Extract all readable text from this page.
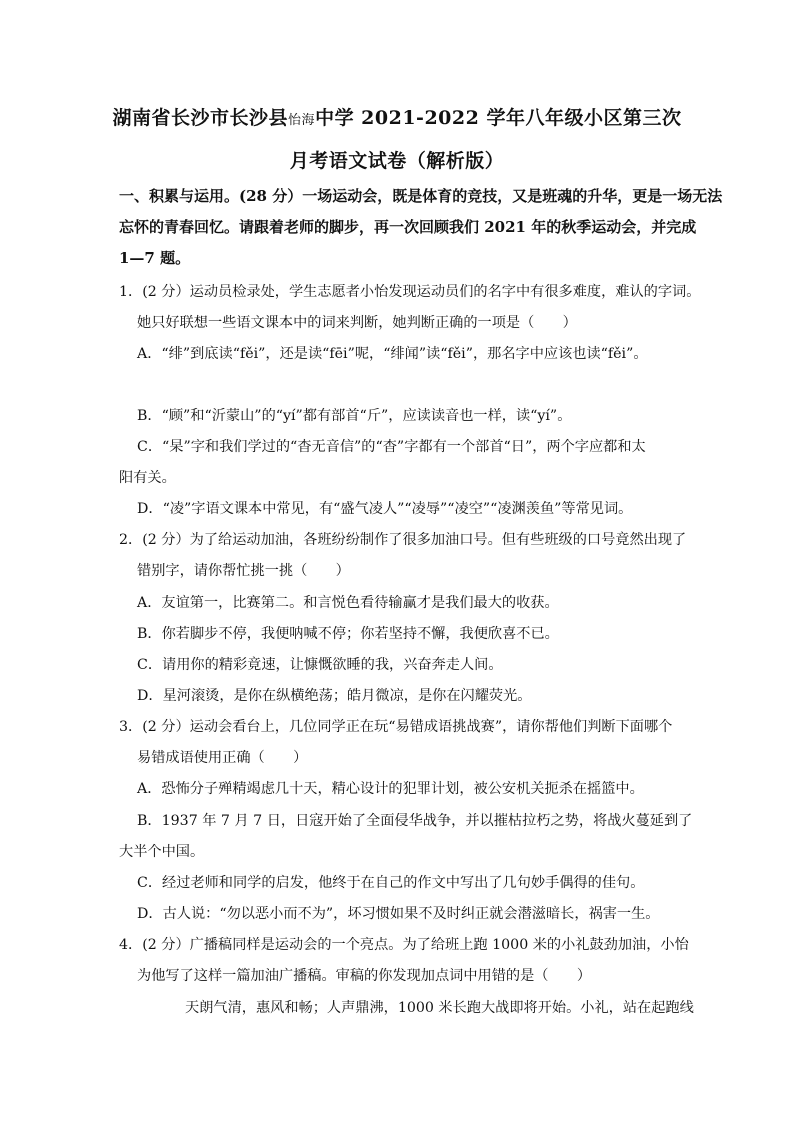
湖南省长沙市长沙县怡海中学 2021-2022 学年八年级小区第三次
月考语文试卷（解析版）
一、积累与运用。(28 分）一场运动会，既是体育的竞技，又是班魂的升华，更是一场无法
忘怀的青春回忆。请跟着老师的脚步，再一次回顾我们 2021 年的秋季运动会，并完成
1—7 题。
1．(2 分）运动员检录处，学生志愿者小怡发现运动员们的名字中有很多难度，难认的字词。
她只好联想一些语文课本中的词来判断，她判断正确的一项是（　　）
A．“绯”到底读“fěi”，还是读“fēi”呢，“绯闻”读“fěi”，那名字中应该也读“fěi”。
B．“顾”和“沂蒙山”的“yí”都有部首“斤”，应读读音也一样，读“yí”。
C．“杲”字和我们学过的“杳无音信”的“杳”字都有一个部首“日”，两个字应都和太
阳有关。
D．“凌”字语文课本中常见，有“盛气凌人”“凌辱”“凌空”“凌渊羡鱼”等常见词。
2．(2 分）为了给运动加油，各班纷纷制作了很多加油口号。但有些班级的口号竟然出现了
错别字，请你帮忙挑一挑（　　）
A．友谊第一，比赛第二。和言悦色看待输赢才是我们最大的收获。
B．你若脚步不停，我便呐喊不停；你若坚持不懈，我便欣喜不已。
C．请用你的精彩竟速，让慷慨欲睡的我，兴奋奔走人间。
D．星河滚烫，是你在纵横绝荡；皓月微凉，是你在闪耀荧光。
3．(2 分）运动会看台上，几位同学正在玩“易错成语挑战赛”，请你帮他们判断下面哪个
易错成语使用正确（　　）
A．恐怖分子殚精竭虑几十天，精心设计的犯罪计划，被公安机关扼杀在摇篮中。
B．1937 年 7 月 7 日，日寇开始了全面侵华战争，并以摧枯拉朽之势，将战火蔓延到了
大半个中国。
C．经过老师和同学的启发，他终于在自己的作文中写出了几句妙手偶得的佳句。
D．古人说：“勿以恶小而不为”，坏习惯如果不及时纠正就会潜滋暗长，祸害一生。
4．(2 分）广播稿同样是运动会的一个亮点。为了给班上跑 1000 米的小礼鼓劲加油，小怡
为他写了这样一篇加油广播稿。审稿的你发现加点词中用错的是（　　）
天朗气清，惠风和畅；人声鼎沸，1000 米长跑大战即将开始。小礼，站在起跑线
